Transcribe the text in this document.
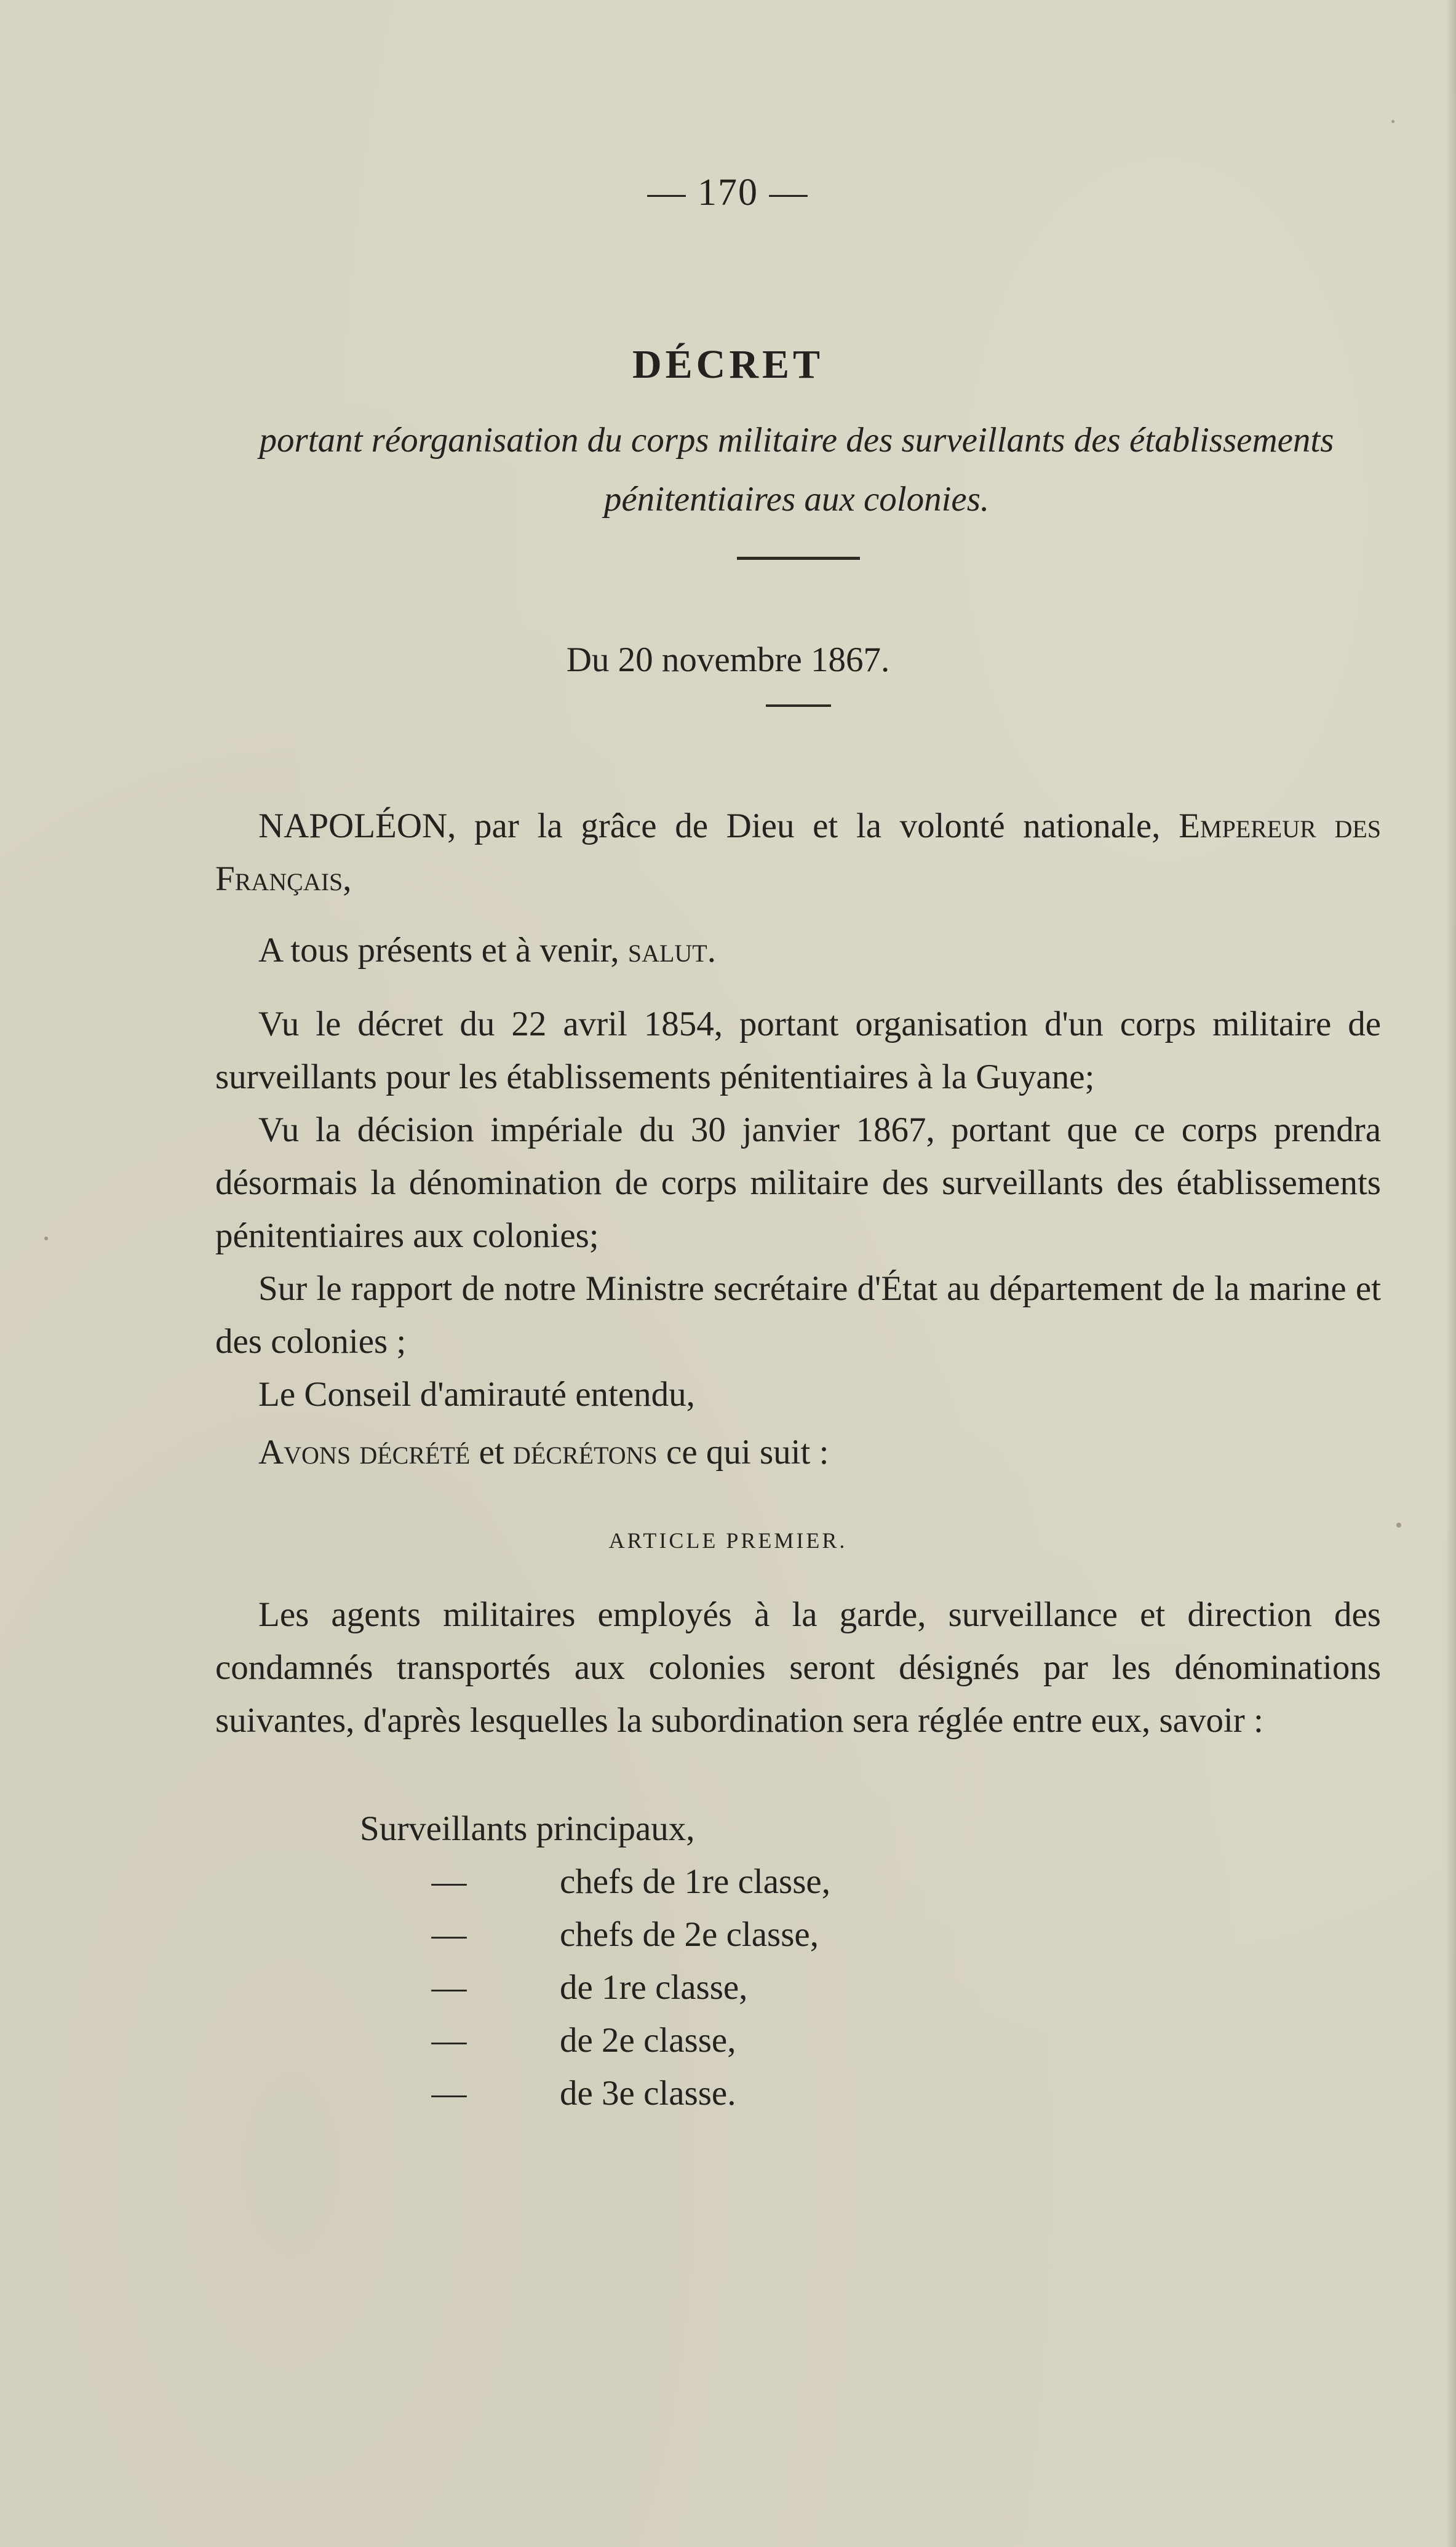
— 170 —
DÉCRET
portant réorganisation du corps militaire des surveillants des établissements pénitentiaires aux colonies.
Du 20 novembre 1867.

NAPOLÉON, par la grâce de Dieu et la volonté nationale, Empereur des Français,

A tous présents et à venir, salut.

Vu le décret du 22 avril 1854, portant organisation d'un corps militaire de surveillants pour les établissements pénitentiaires à la Guyane;

Vu la décision impériale du 30 janvier 1867, portant que ce corps prendra désormais la dénomination de corps militaire des surveillants des établissements pénitentiaires aux colonies;

Sur le rapport de notre Ministre secrétaire d'État au département de la marine et des colonies ;

Le Conseil d'amirauté entendu,

Avons décrété et décrétons ce qui suit :

ARTICLE PREMIER.

Les agents militaires employés à la garde, surveillance et direction des condamnés transportés aux colonies seront désignés par les dénominations suivantes, d'après lesquelles la subordination sera réglée entre eux, savoir :

Surveillants principaux,
—	chefs de 1re classe,
—	chefs de 2e classe,
—	de 1re classe,
—	de 2e classe,
—	de 3e classe.
